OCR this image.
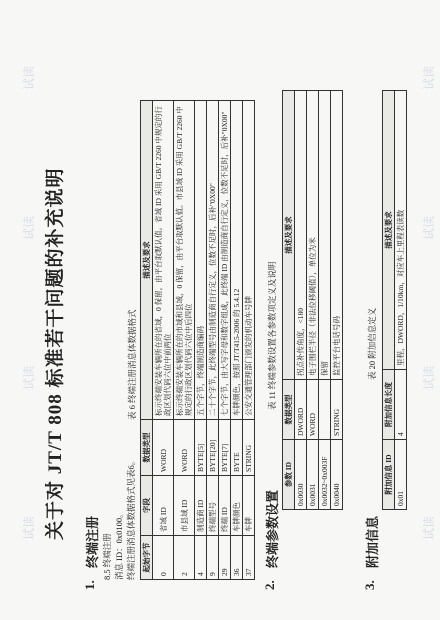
关于对 JT/T 808 标准若干问题的补充说明
1.
终端注册 8.5 终端注册 消息 ID：0x0100。 终端注册消息体数据格式见表6。
表 6 终端注册消息体数据格式
起始字节	字段	数据类型	描述及要求
0	省域 ID	WORD	标示终端安装车辆所在的省域，0 保留，由平台取默认值。省域 ID 采用 GB/T 2260 中规定的行政区划代码六位中前两位
2	市县域 ID	WORD	标示终端安装车辆所在的市域和县域，0 保留，由平台取默认值。市县域 ID 采用 GB/T 2260 中规定的行政区划代码六位中后四位
4	制造商 ID	BYTE[5]	五个字节，终端制造商编码
9	终端型号	BYTE[20]	二十个字节，此终端型号由制造商自行定义，位数不足时，后补"0X00"
29	终端 ID	BYTE[7]	七个字节，由大写字母和数字组成，此终端 ID 由制造商自行定义，位数不足时，后补"0X00"
36	车牌颜色	BYTE	车牌颜色，按照 JT/T415-2006 的 5.4.12
37	车牌	STRING	公安交通管理部门颁发的机动车号牌
2.
终端参数设置
表 11 终端参数设置各参数项定义及说明
参数 ID	数据类型	描述及要求
0x0030	DWORD	拐点补传角度，<180
0x0031	WORD	电子围栏半径（非法位移阈值），单位为米
0x0032~0x003F		保留
0x0040	STRING	监控平台电话号码
3.
附加信息
表 20 附加信息定义
附加信息 ID	附加信息长度	描述及要求
0x01	4	里程，DWORD，1/10km，对应车上里程表读数
试读
试读
试读
试读
试读
试读
试读
试读
